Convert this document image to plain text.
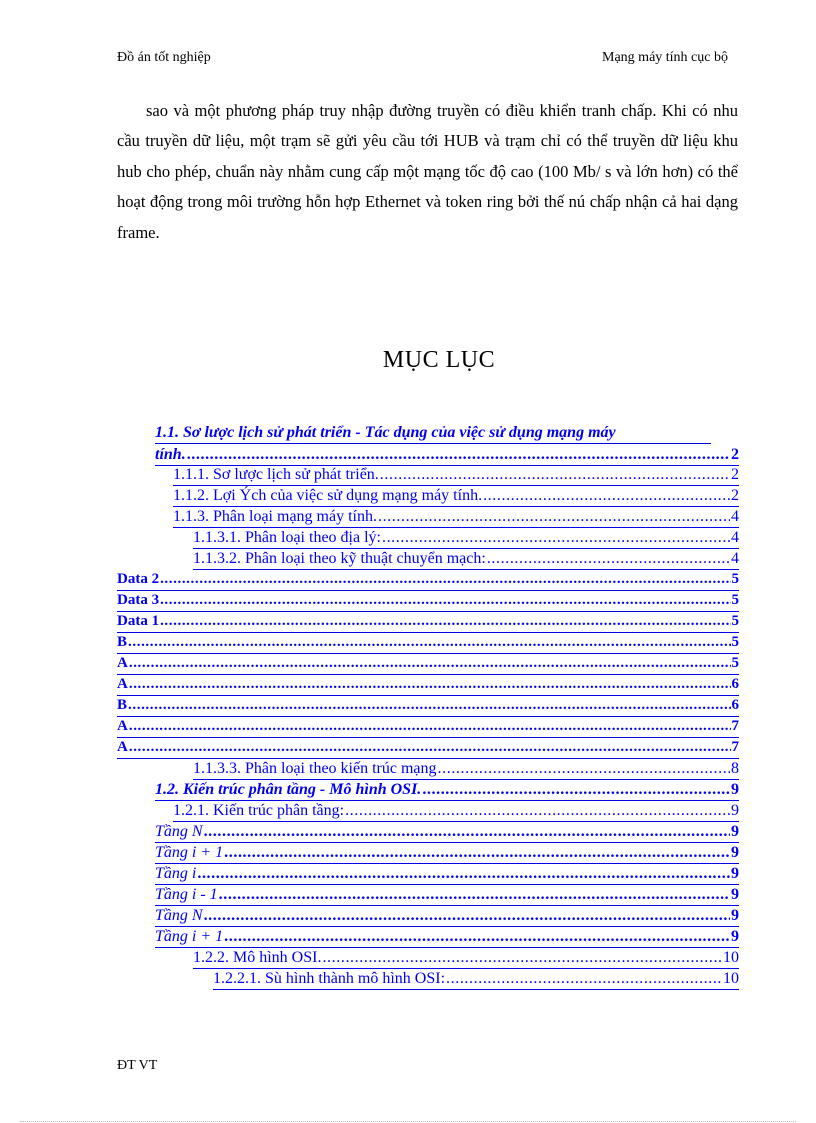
Đồ án tốt nghiệp	Mạng máy tính cục bộ

sao và một phương pháp truy nhập đường truyền có điều khiển tranh chấp. Khi có nhu cầu truyền dữ liệu, một trạm sẽ gửi yêu cầu tới HUB và trạm chỉ có thể truyền dữ liệu khu hub cho phép, chuẩn này nhằm cung cấp một mạng tốc độ cao (100 Mb/ s và lớn hơn) có thể hoạt động trong môi trường hỗn hợp Ethernet và token ring bởi thế nú chấp nhận cả hai dạng frame.

MỤC LỤC
1.1. Sơ lược lịch sử phát triển - Tác dụng của việc sử dụng mạng máy
tính. .....	2
1.1.1. Sơ lược lịch sử phát triển. .....	2
1.1.2. Lợi Ých của việc sử dụng mạng máy tính. .....	2
1.1.3. Phân loại mạng máy tính. .....	4
1.1.3.1. Phân loại theo địa lý: .....	4
1.1.3.2. Phân loại theo kỹ thuật chuyển mạch: .....	4
Data 2 .....	5
Data 3 .....	5
Data 1 .....	5
B .....	5
A .....	5
A .....	6
B .....	6
A .....	7
A .....	7
1.1.3.3. Phân loại theo kiến trúc mạng .....	8
1.2. Kiến trúc phân tầng - Mô hình OSI. .....	9
1.2.1. Kiến trúc phân tầng: .....	9
Tầng N .....	9
Tầng i + 1 .....	9
Tầng i .....	9
Tầng i - 1 .....	9
Tầng N .....	9
Tầng i + 1 .....	9
1.2.2. Mô hình OSI. .....	10
1.2.2.1. Sù hình thành mô hình OSI: .....	10
ĐT VT
